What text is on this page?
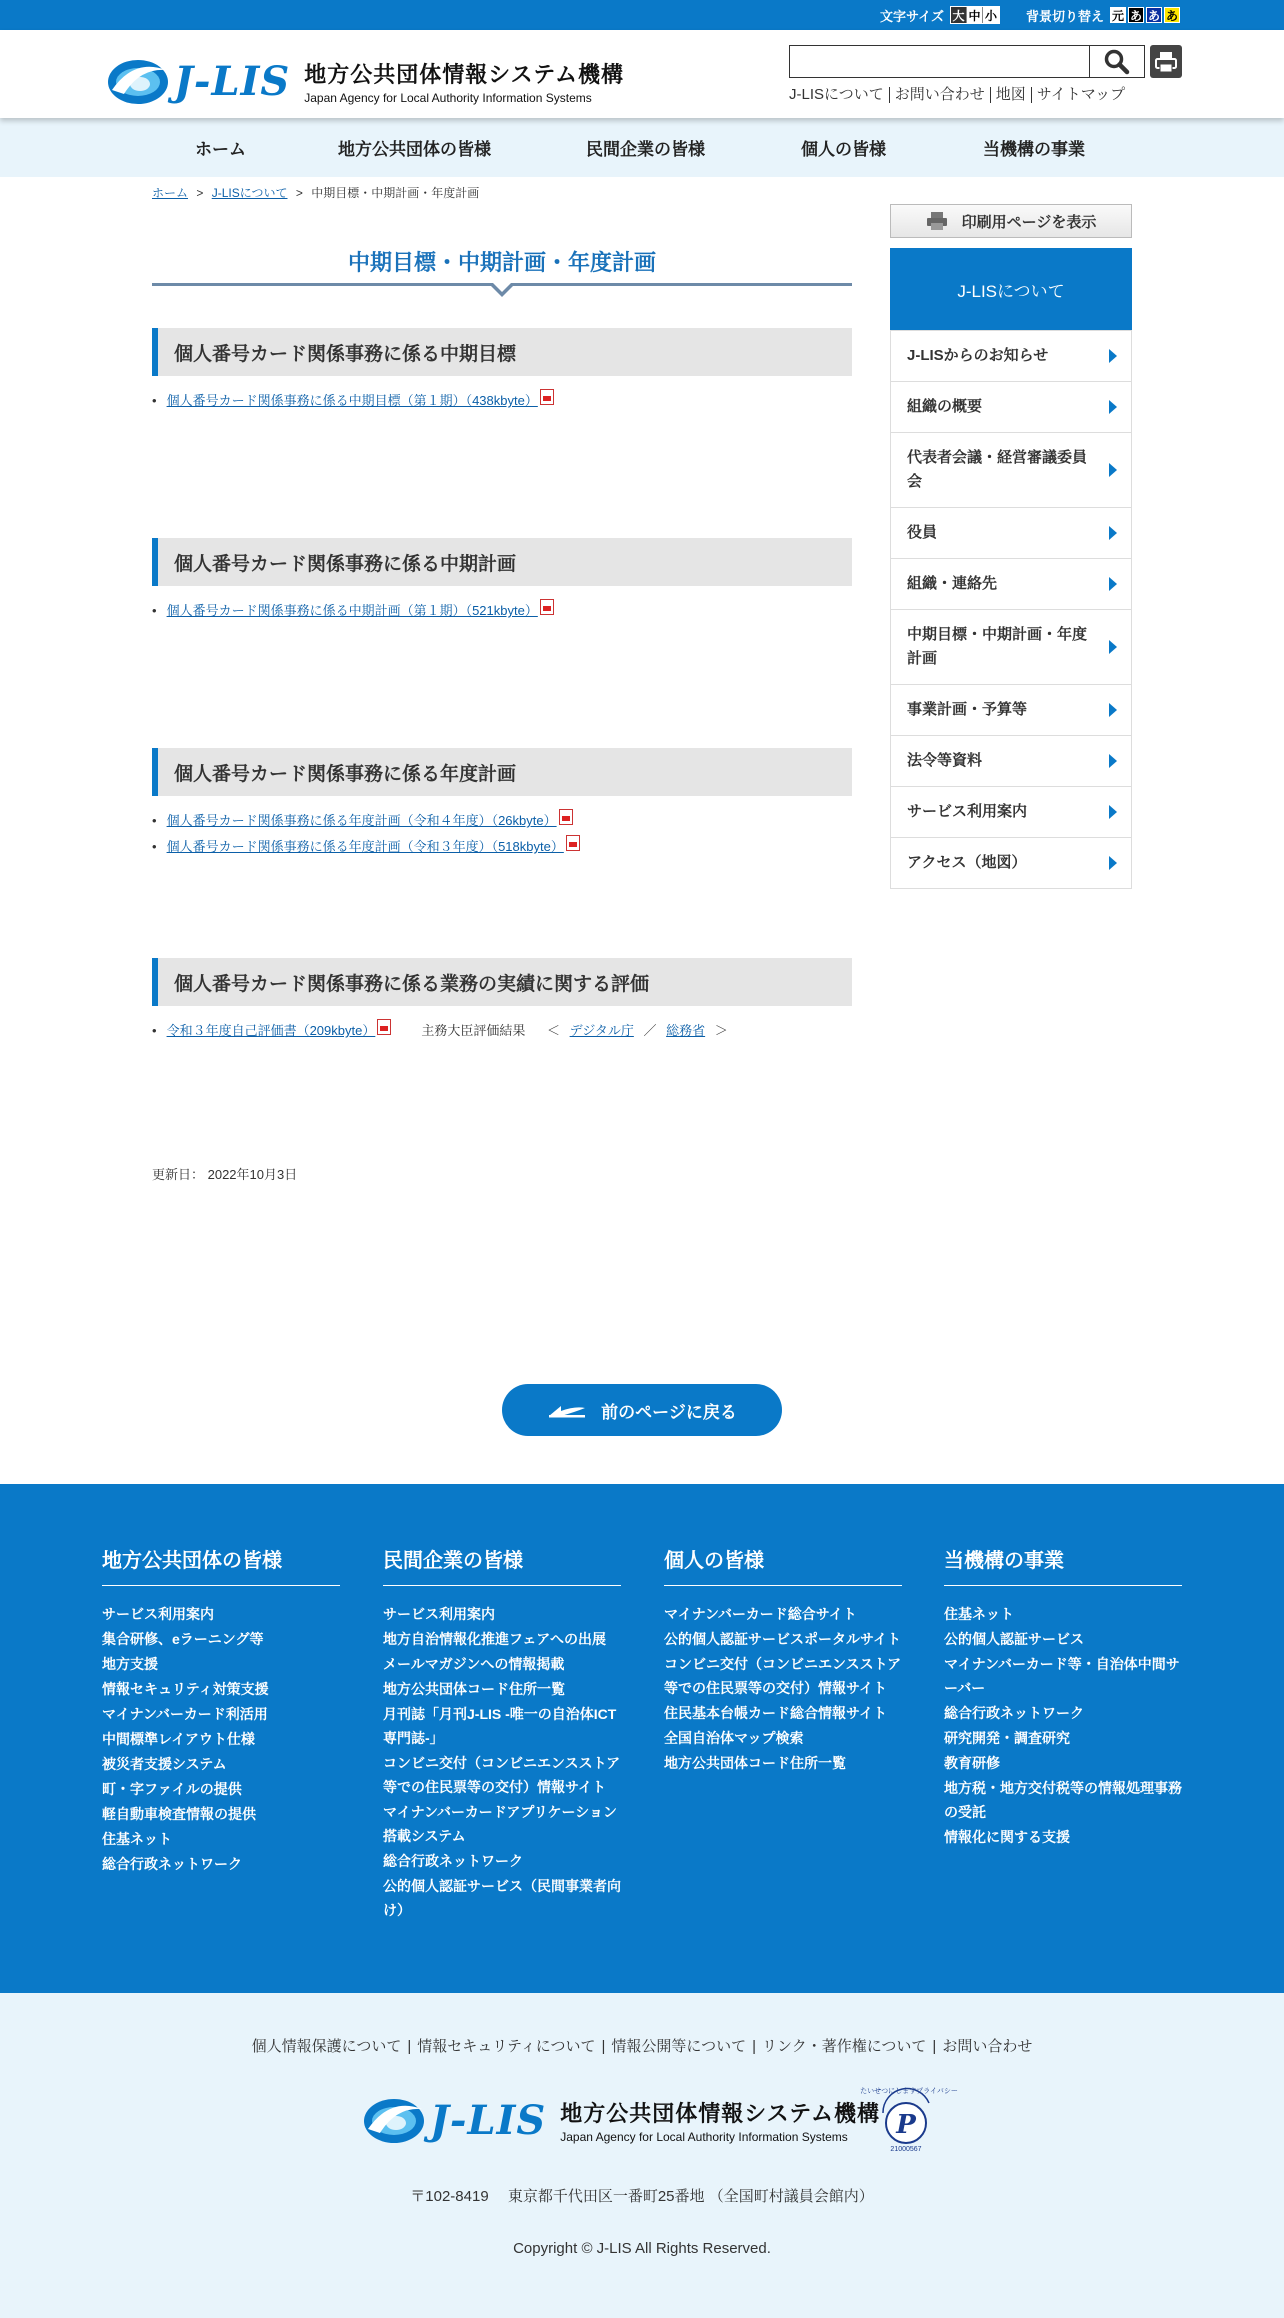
文字サイズ 大 中 小 背景切り替え 元 あ あ あ
J-LIS 地方公共団体情報システム機構
Japan Agency for Local Authority Information Systems	J-LISについて お問い合わせ 地図 サイトマップ
ホーム	地方公共団体の皆様	民間企業の皆様	個人の皆様	当機構の事業
ホーム > J-LISについて > 中期目標・中期計画・年度計画
中期目標・中期計画・年度計画
個人番号カード関係事務に係る中期目標
• 個人番号カード関係事務に係る中期目標（第１期）（438kbyte）
個人番号カード関係事務に係る中期計画
• 個人番号カード関係事務に係る中期計画（第１期）（521kbyte）
個人番号カード関係事務に係る年度計画
• 個人番号カード関係事務に係る年度計画（令和４年度）（26kbyte）
• 個人番号カード関係事務に係る年度計画（令和３年度）（518kbyte）
個人番号カード関係事務に係る業務の実績に関する評価
• 令和３年度自己評価書（209kbyte）	主務大臣評価結果 ＜ デジタル庁 ／ 総務省 ＞
更新日： 2022年10月3日
印刷用ページを表示
J-LISについて
J-LISからのお知らせ
組織の概要
代表者会議・経営審議委員会
役員
組織・連絡先
中期目標・中期計画・年度計画
事業計画・予算等
法令等資料
サービス利用案内
アクセス（地図）
前のページに戻る
地方公共団体の皆様
サービス利用案内
集合研修、eラーニング等
地方支援
情報セキュリティ対策支援
マイナンバーカード利活用
中間標準レイアウト仕様
被災者支援システム
町・字ファイルの提供
軽自動車検査情報の提供
住基ネット
総合行政ネットワーク
民間企業の皆様
サービス利用案内
地方自治情報化推進フェアへの出展
メールマガジンへの情報掲載
地方公共団体コード住所一覧
月刊誌「月刊J-LIS -唯一の自治体ICT専門誌-」
コンビニ交付（コンビニエンスストア等での住民票等の交付）情報サイト
マイナンバーカードアプリケーション搭載システム
総合行政ネットワーク
公的個人認証サービス（民間事業者向け）
個人の皆様
マイナンバーカード総合サイト
公的個人認証サービスポータルサイト
コンビニ交付（コンビニエンスストア等での住民票等の交付）情報サイト
住民基本台帳カード総合情報サイト
全国自治体マップ検索
地方公共団体コード住所一覧
当機構の事業
住基ネット
公的個人認証サービス
マイナンバーカード等・自治体中間サーバー
総合行政ネットワーク
研究開発・調査研究
教育研修
地方税・地方交付税等の情報処理事務の受託
情報化に関する支援
個人情報保護について | 情報セキュリティについて | 情報公開等について | リンク・著作権について | お問い合わせ
J-LIS 地方公共団体情報システム機構
Japan Agency for Local Authority Information Systems	P
21000567
たいせつにしますプライバシー
〒102-8419　 東京都千代田区一番町25番地 （全国町村議員会館内）
Copyright © J-LIS All Rights Reserved.
